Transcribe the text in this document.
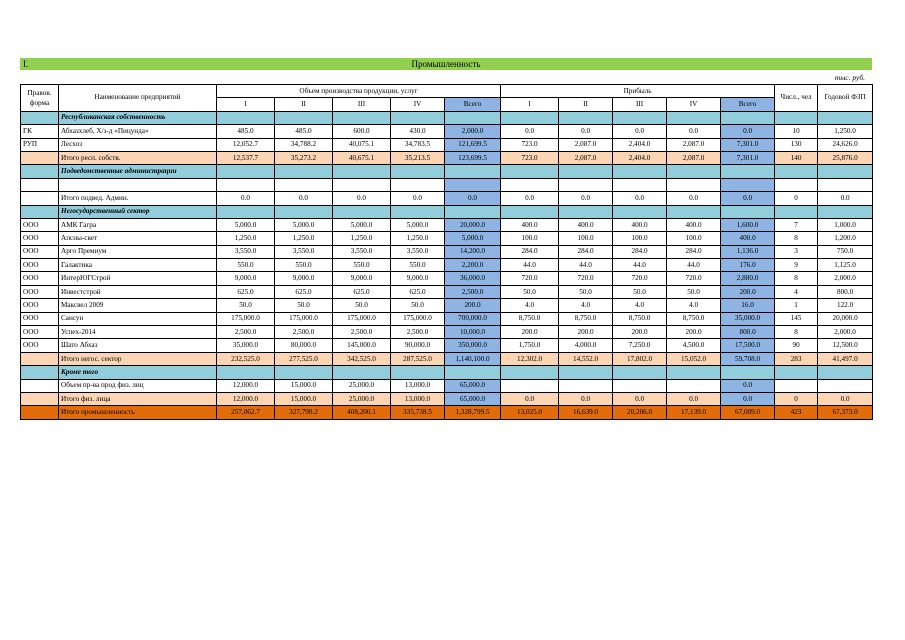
I.	Промышленность
тыс. руб.
Правов. форма	Наименование предприятий	Объем производства продукции, услуг					Прибыль					Числ., чел	Годовой ФЗП
		I	II	III	IV	Всего	I	II	III	IV	Всего		
	Республиканская собственность												
ГК	Абхазхлеб, Х/з-д «Пицунда»	485.0	485.0	600.0	430.0	2,000.0	0.0	0.0	0.0	0.0	0.0	10	1,250.0
РУП	Лесхоз	12,052.7	34,788.2	40,075.1	34,783.5	121,699.5	723.0	2,087.0	2,404.0	2,087.0	7,301.0	130	24,626.0
	Итого респ. собств.	12,537.7	35,273.2	40,675.1	35,213.5	123,699.5	723.0	2,087.0	2,404.0	2,087.0	7,301.0	140	25,876.0
	Подведомственные администрации												

	Итого подвед. Админ.	0.0	0.0	0.0	0.0	0.0	0.0	0.0	0.0	0.0	0.0	0	0.0
	Негосударственный сектор												
ООО	АМК Гагра	5,000.0	5,000.0	5,000.0	5,000.0	20,000.0	400.0	400.0	400.0	400.0	1,600.0	7	1,000.0
ООО	Апсны-свет	1,250.0	1,250.0	1,250.0	1,250.0	5,000.0	100.0	100.0	100.0	100.0	400.0	8	1,200.0
ООО	Арго Премиум	3,550.0	3,550.0	3,550.0	3,550.0	14,200.0	284.0	284.0	284.0	284.0	1,136.0	3	750.0
ООО	Галактика	550.0	550.0	550.0	550.0	2,200.0	44.0	44.0	44.0	44.0	176.0	9	1,125.0
ООО	ИнтерЮГСтрой	9,000.0	9,000.0	9,000.0	9,000.0	36,000.0	720.0	720.0	720.0	720.0	2,880.0	8	2,000.0
ООО	Инвестстрой	625.0	625.0	625.0	625.0	2,500.0	50.0	50.0	50.0	50.0	200.0	4	800.0
ООО	Максвел 2009	50.0	50.0	50.0	50.0	200.0	4.0	4.0	4.0	4.0	16.0	1	122.0
ООО	Сансун	175,000.0	175,000.0	175,000.0	175,000.0	700,000.0	8,750.0	8,750.0	8,750.0	8,750.0	35,000.0	145	20,000.0
ООО	Успех-2014	2,500.0	2,500.0	2,500.0	2,500.0	10,000.0	200.0	200.0	200.0	200.0	800.0	8	2,000.0
ООО	Шато Абхаз	35,000.0	80,000.0	145,000.0	90,000.0	350,000.0	1,750.0	4,000.0	7,250.0	4,500.0	17,500.0	90	12,500.0
	Итого негос. сектор	232,525.0	277,525.0	342,525.0	287,525.0	1,140,100.0	12,302.0	14,552.0	17,802.0	15,052.0	59,708.0	283	41,497.0
	Кроме того												
	Объем пр-ва прод физ. лиц	12,000.0	15,000.0	25,000.0	13,000.0	65,000.0					0.0		
	Итого физ. лица	12,000.0	15,000.0	25,000.0	13,000.0	65,000.0	0.0	0.0	0.0	0.0	0.0	0	0.0
	Итого промышленность	257,062.7	327,798.2	408,200.1	335,738.5	1,328,799.5	13,025.0	16,639.0	20,206.0	17,139.0	67,009.0	423	67,373.0
